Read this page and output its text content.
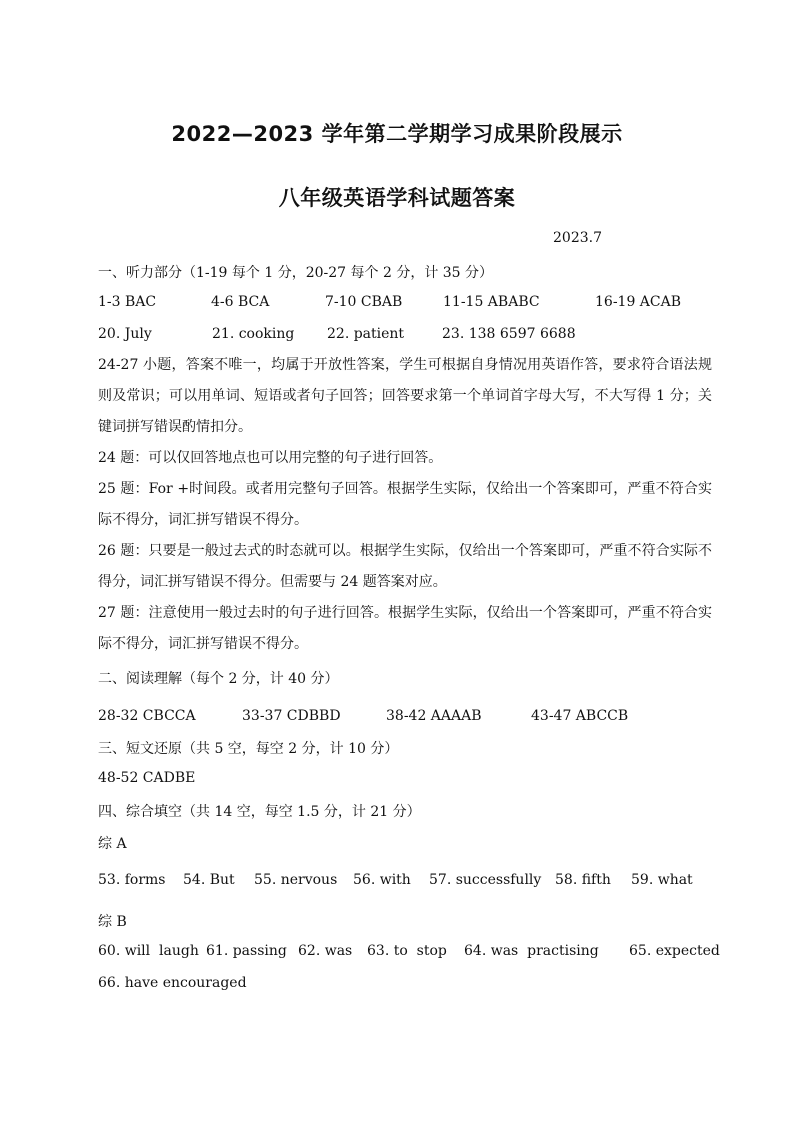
2022—2023 学年第二学期学习成果阶段展示
八年级英语学科试题答案
2023.7
一、听力部分（1-19 每个 1 分，20-27 每个 2 分，计 35 分）
1-3 BAC	4-6 BCA	7-10 CBAB	11-15 ABABC	16-19 ACAB
20. July	21. cooking 22. patient	23. 138 6597 6688
24-27 小题，答案不唯一，均属于开放性答案，学生可根据自身情况用英语作答，要求符合语法规则及常识；可以用单词、短语或者句子回答；回答要求第一个单词首字母大写，不大写得 1 分；关键词拼写错误酌情扣分。
24 题：可以仅回答地点也可以用完整的句子进行回答。
25 题：For +时间段。或者用完整句子回答。根据学生实际，仅给出一个答案即可，严重不符合实际不得分，词汇拼写错误不得分。
26 题：只要是一般过去式的时态就可以。根据学生实际，仅给出一个答案即可，严重不符合实际不得分，词汇拼写错误不得分。但需要与 24 题答案对应。
27 题：注意使用一般过去时的句子进行回答。根据学生实际，仅给出一个答案即可，严重不符合实际不得分，词汇拼写错误不得分。
二、阅读理解（每个 2 分，计 40 分）
28-32 CBCCA	33-37 CDBBD	38-42 AAAAB	43-47 ABCCB
三、短文还原（共 5 空，每空 2 分，计 10 分）
48-52 CADBE
四、综合填空（共 14 空，每空 1.5 分，计 21 分）
综 A
53. forms 54. But 55. nervous 56. with 57. successfully 58. fifth 59. what
综 B
60. will  laugh 61. passing 62. was 63. to  stop 64. was  practising 65. expected
66. have encouraged
